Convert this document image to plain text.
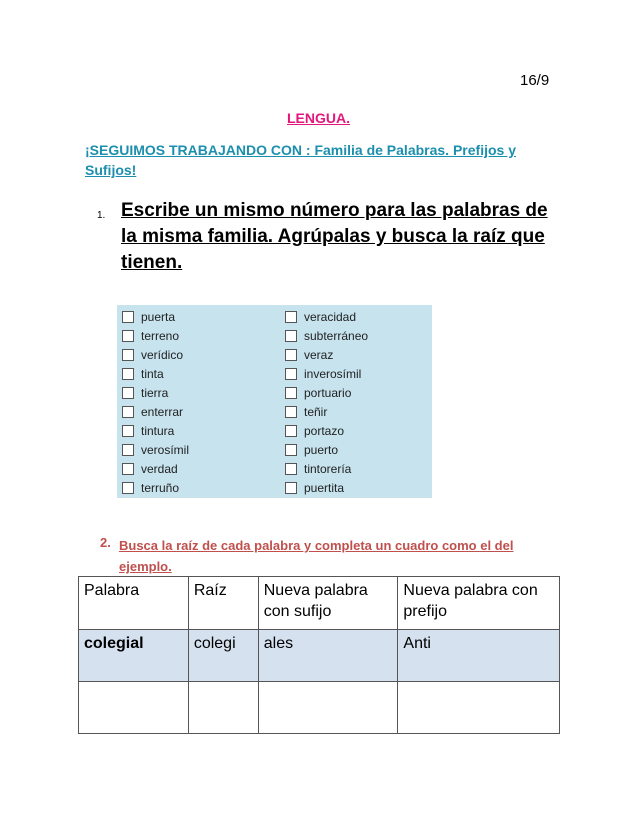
16/9
LENGUA.
¡SEGUIMOS TRABAJANDO CON : Familia de Palabras. Prefijos y Sufijos!
1. Escribe un mismo número para las palabras de la misma familia. Agrúpalas y busca la raíz que tienen.
puerta
terreno
verídico
tinta
tierra
enterrar
tintura
verosímil
verdad
terruño
veracidad
subterráneo
veraz
inverosímil
portuario
teñir
portazo
puerto
tintorería
puertita
2. Busca la raíz de cada palabra y completa un cuadro como el del ejemplo.
Palabra	Raíz	Nueva palabra con sufijo	Nueva palabra con prefijo
colegial	colegi	ales	Anti
